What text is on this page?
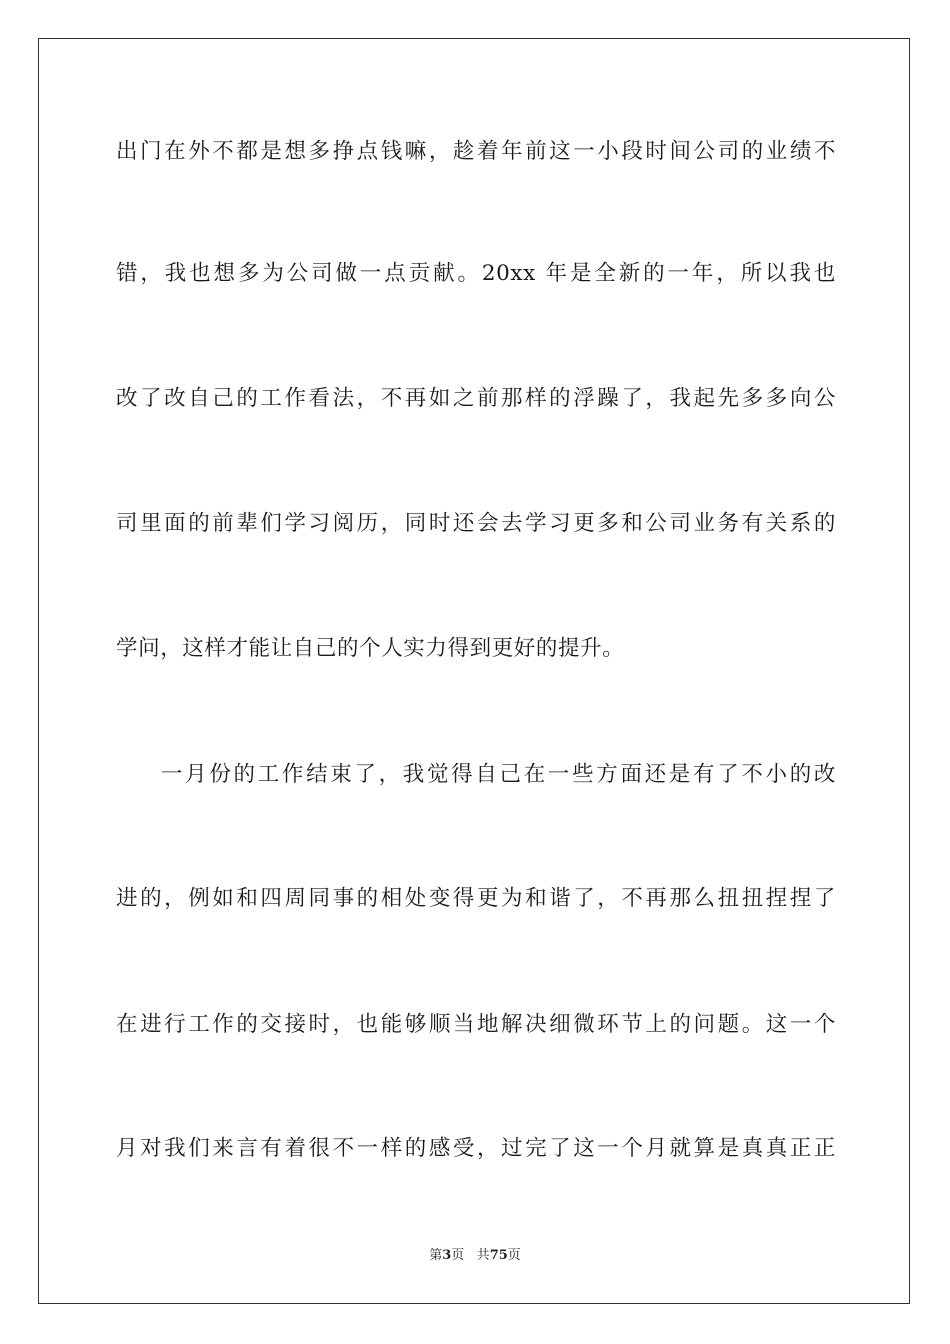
出门在外不都是想多挣点钱嘛，趁着年前这一小段时间公司的业绩不
错，我也想多为公司做一点贡献。20xx 年是全新的一年，所以我也
改了改自己的工作看法，不再如之前那样的浮躁了，我起先多多向公
司里面的前辈们学习阅历，同时还会去学习更多和公司业务有关系的
学问，这样才能让自己的个人实力得到更好的提升。
一月份的工作结束了，我觉得自己在一些方面还是有了不小的改
进的，例如和四周同事的相处变得更为和谐了，不再那么扭扭捏捏了
在进行工作的交接时，也能够顺当地解决细微环节上的问题。这一个
月对我们来言有着很不一样的感受，过完了这一个月就算是真真正正
第3页 共75页
